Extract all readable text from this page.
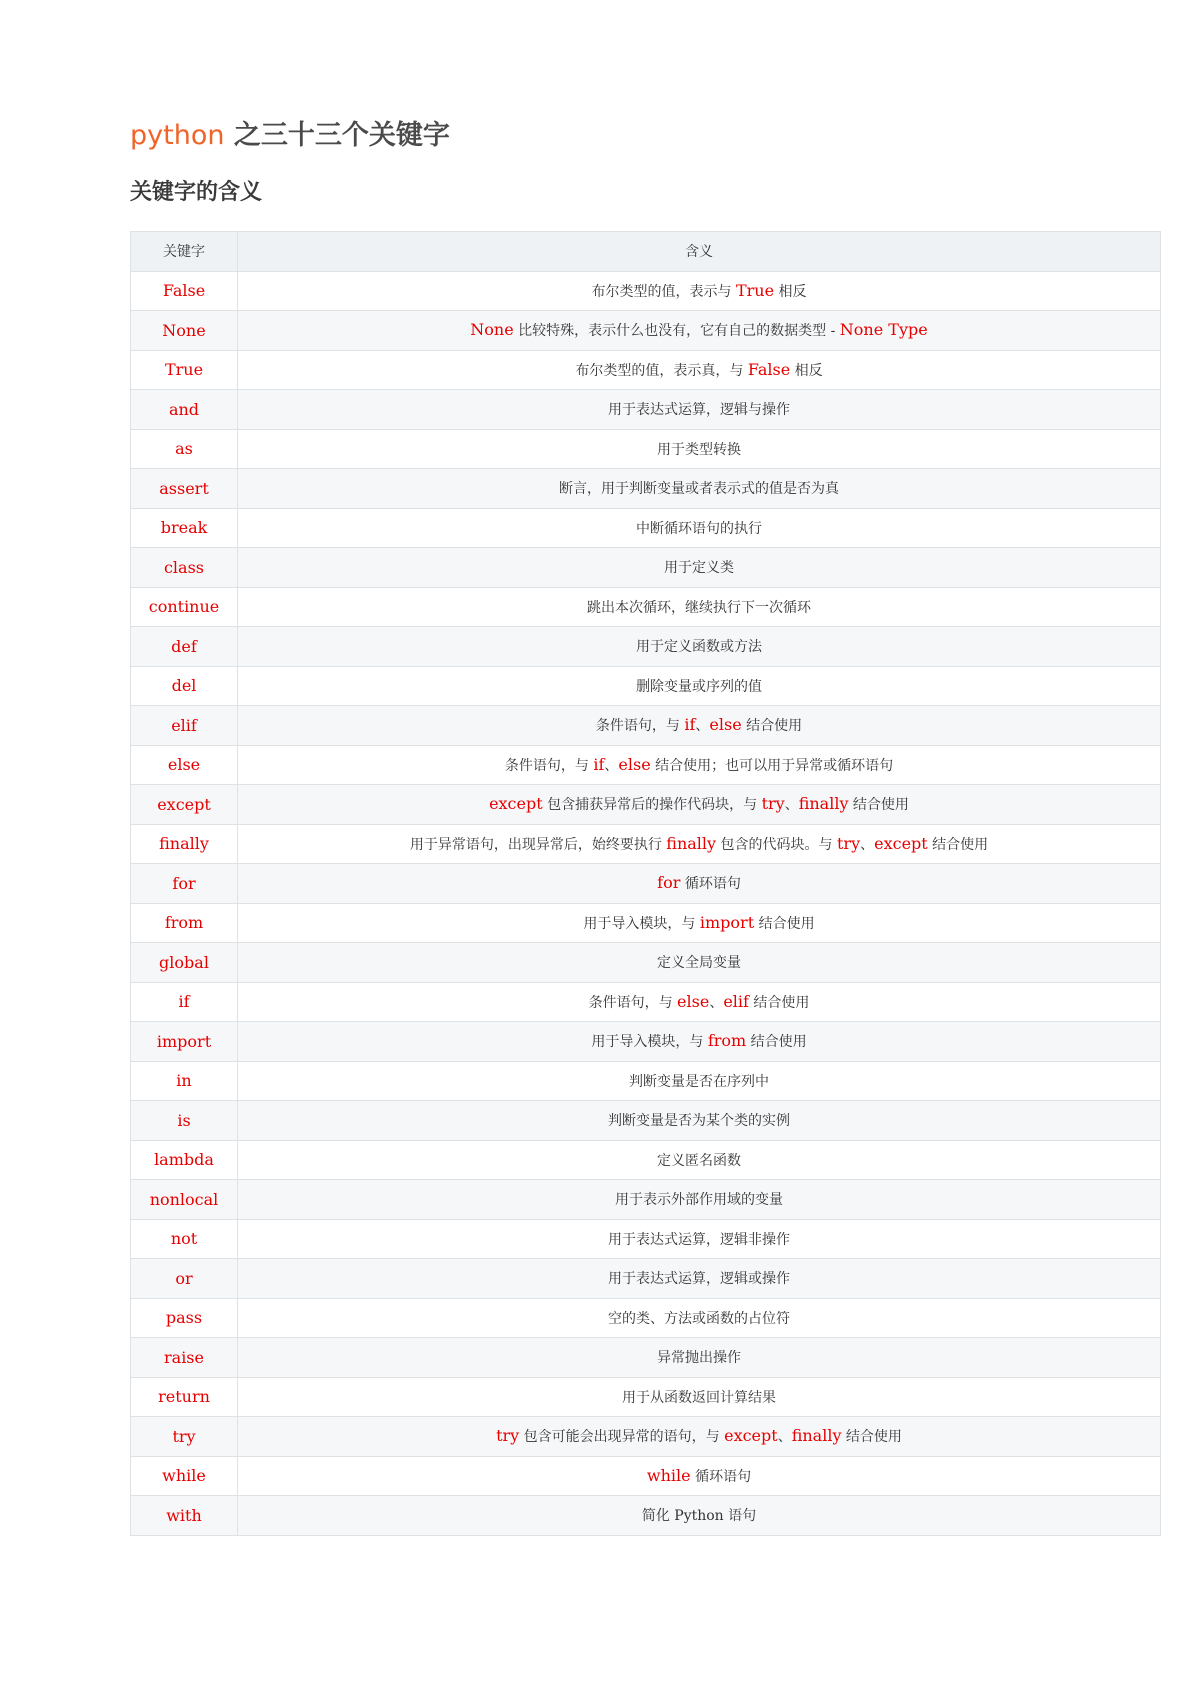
python 之三十三个关键字
关键字的含义
关键字	含义
False	布尔类型的值，表示与 True 相反
None	None 比较特殊，表示什么也没有，它有自己的数据类型 - None Type
True	布尔类型的值，表示真，与 False 相反
and	用于表达式运算，逻辑与操作
as	用于类型转换
assert	断言，用于判断变量或者表示式的值是否为真
break	中断循环语句的执行
class	用于定义类
continue	跳出本次循环，继续执行下一次循环
def	用于定义函数或方法
del	删除变量或序列的值
elif	条件语句，与 if、else 结合使用
else	条件语句，与 if、else 结合使用；也可以用于异常或循环语句
except	except 包含捕获异常后的操作代码块，与 try、finally 结合使用
finally	用于异常语句，出现异常后，始终要执行 finally 包含的代码块。与 try、except 结合使用
for	for 循环语句
from	用于导入模块，与 import 结合使用
global	定义全局变量
if	条件语句，与 else、elif 结合使用
import	用于导入模块，与 from 结合使用
in	判断变量是否在序列中
is	判断变量是否为某个类的实例
lambda	定义匿名函数
nonlocal	用于表示外部作用域的变量
not	用于表达式运算，逻辑非操作
or	用于表达式运算，逻辑或操作
pass	空的类、方法或函数的占位符
raise	异常抛出操作
return	用于从函数返回计算结果
try	try 包含可能会出现异常的语句，与 except、finally 结合使用
while	while 循环语句
with	简化 Python 语句
